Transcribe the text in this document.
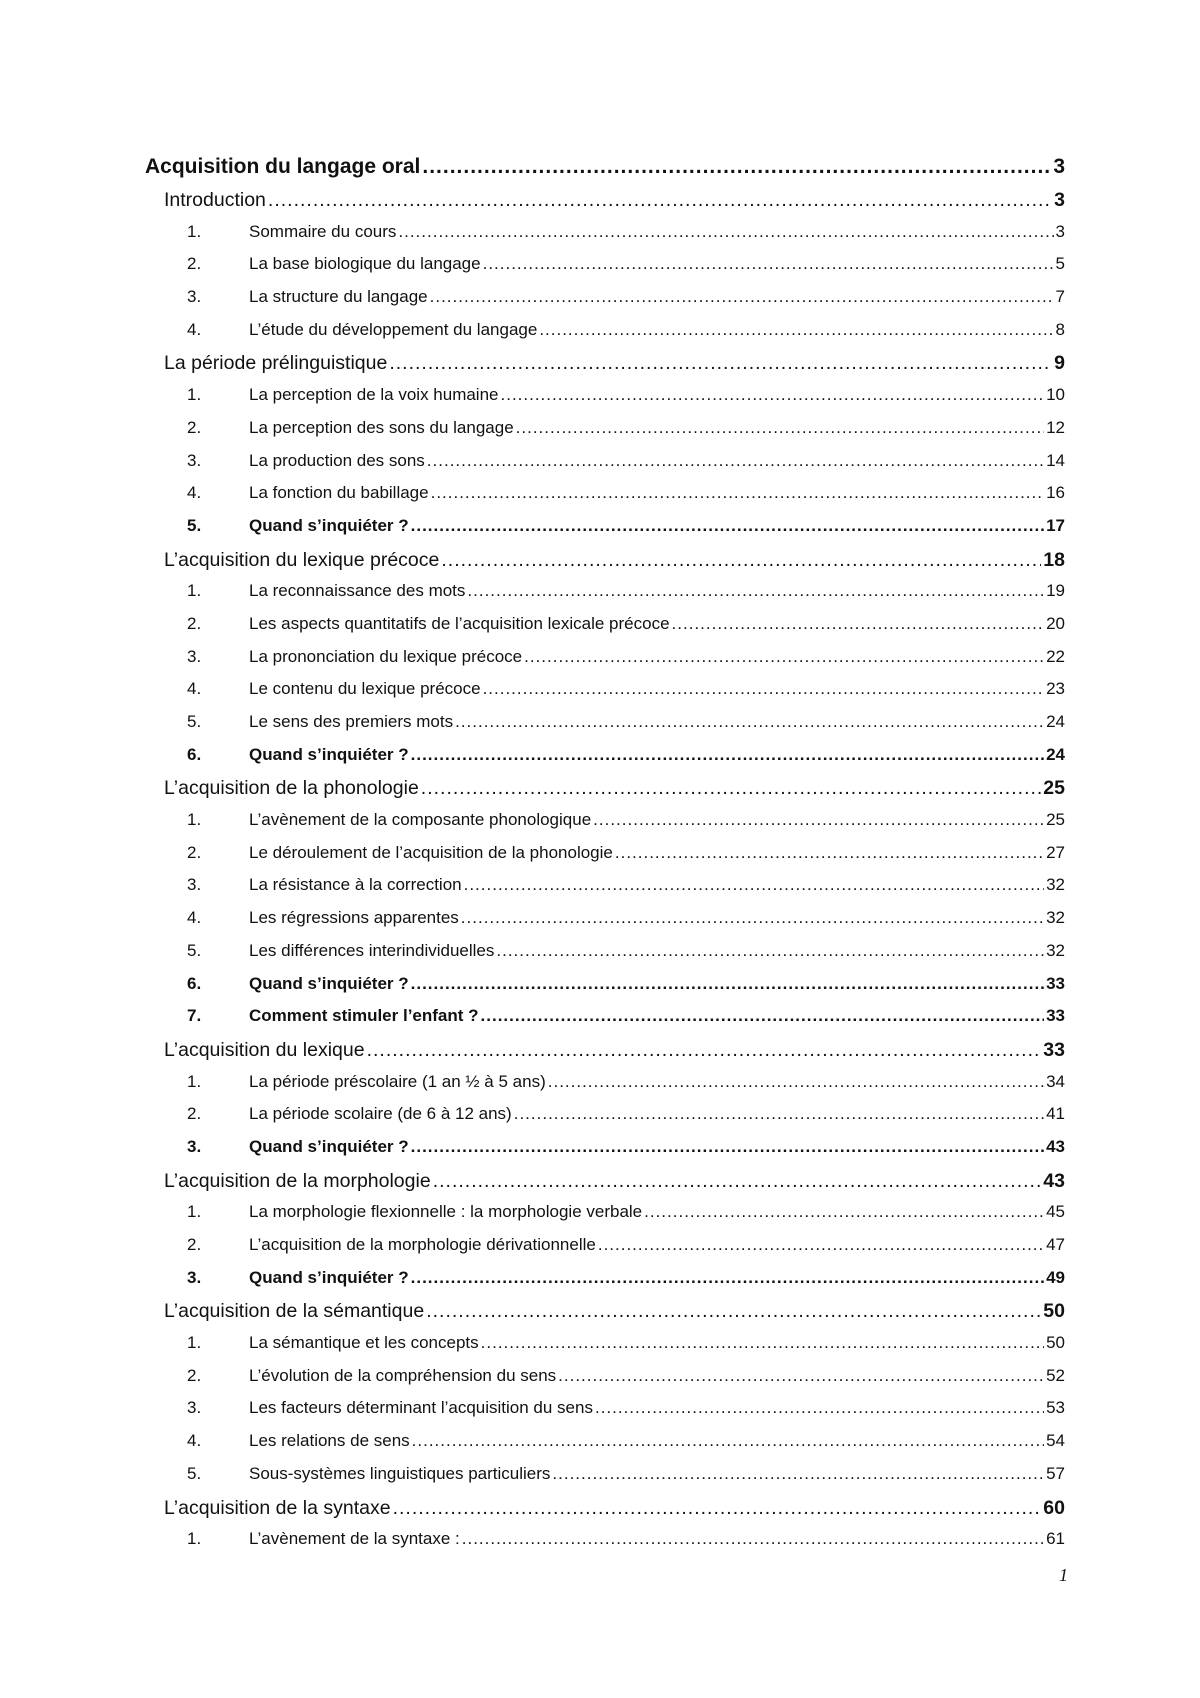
Acquisition du langage oral .....	3
Introduction .....	3
1.	Sommaire du cours .....	3
2.	La base biologique du langage .....	5
3.	La structure du langage .....	7
4.	L’étude du développement du langage .....	8
La période prélinguistique .....	9
1.	La perception de la voix humaine .....	10
2.	La perception des sons du langage .....	12
3.	La production des sons .....	14
4.	La fonction du babillage .....	16
5.	Quand s’inquiéter ? .....	17
L’acquisition du lexique précoce .....	18
1.	La reconnaissance des mots .....	19
2.	Les aspects quantitatifs de l’acquisition lexicale précoce .....	20
3.	La prononciation du lexique précoce .....	22
4.	Le contenu du lexique précoce .....	23
5.	Le sens des premiers mots .....	24
6.	Quand s’inquiéter ? .....	24
L’acquisition de la phonologie .....	25
1.	L’avènement de la composante phonologique .....	25
2.	Le déroulement de l’acquisition de la phonologie .....	27
3.	La résistance à la correction .....	32
4.	Les régressions apparentes .....	32
5.	Les différences interindividuelles .....	32
6.	Quand s’inquiéter ? .....	33
7.	Comment stimuler l’enfant ? .....	33
L’acquisition du lexique .....	33
1.	La période préscolaire (1 an ½ à 5 ans) .....	34
2.	La période scolaire (de 6 à 12 ans) .....	41
3.	Quand s’inquiéter ? .....	43
L’acquisition de la morphologie .....	43
1.	La morphologie flexionnelle : la morphologie verbale .....	45
2.	L’acquisition de la morphologie dérivationnelle .....	47
3.	Quand s’inquiéter ? .....	49
L’acquisition de la sémantique .....	50
1.	La sémantique et les concepts .....	50
2.	L’évolution de la compréhension du sens .....	52
3.	Les facteurs déterminant l’acquisition du sens .....	53
4.	Les relations de sens .....	54
5.	Sous-systèmes linguistiques particuliers .....	57
L’acquisition de la syntaxe .....	60
1.	L’avènement de la syntaxe : .....	61
1
